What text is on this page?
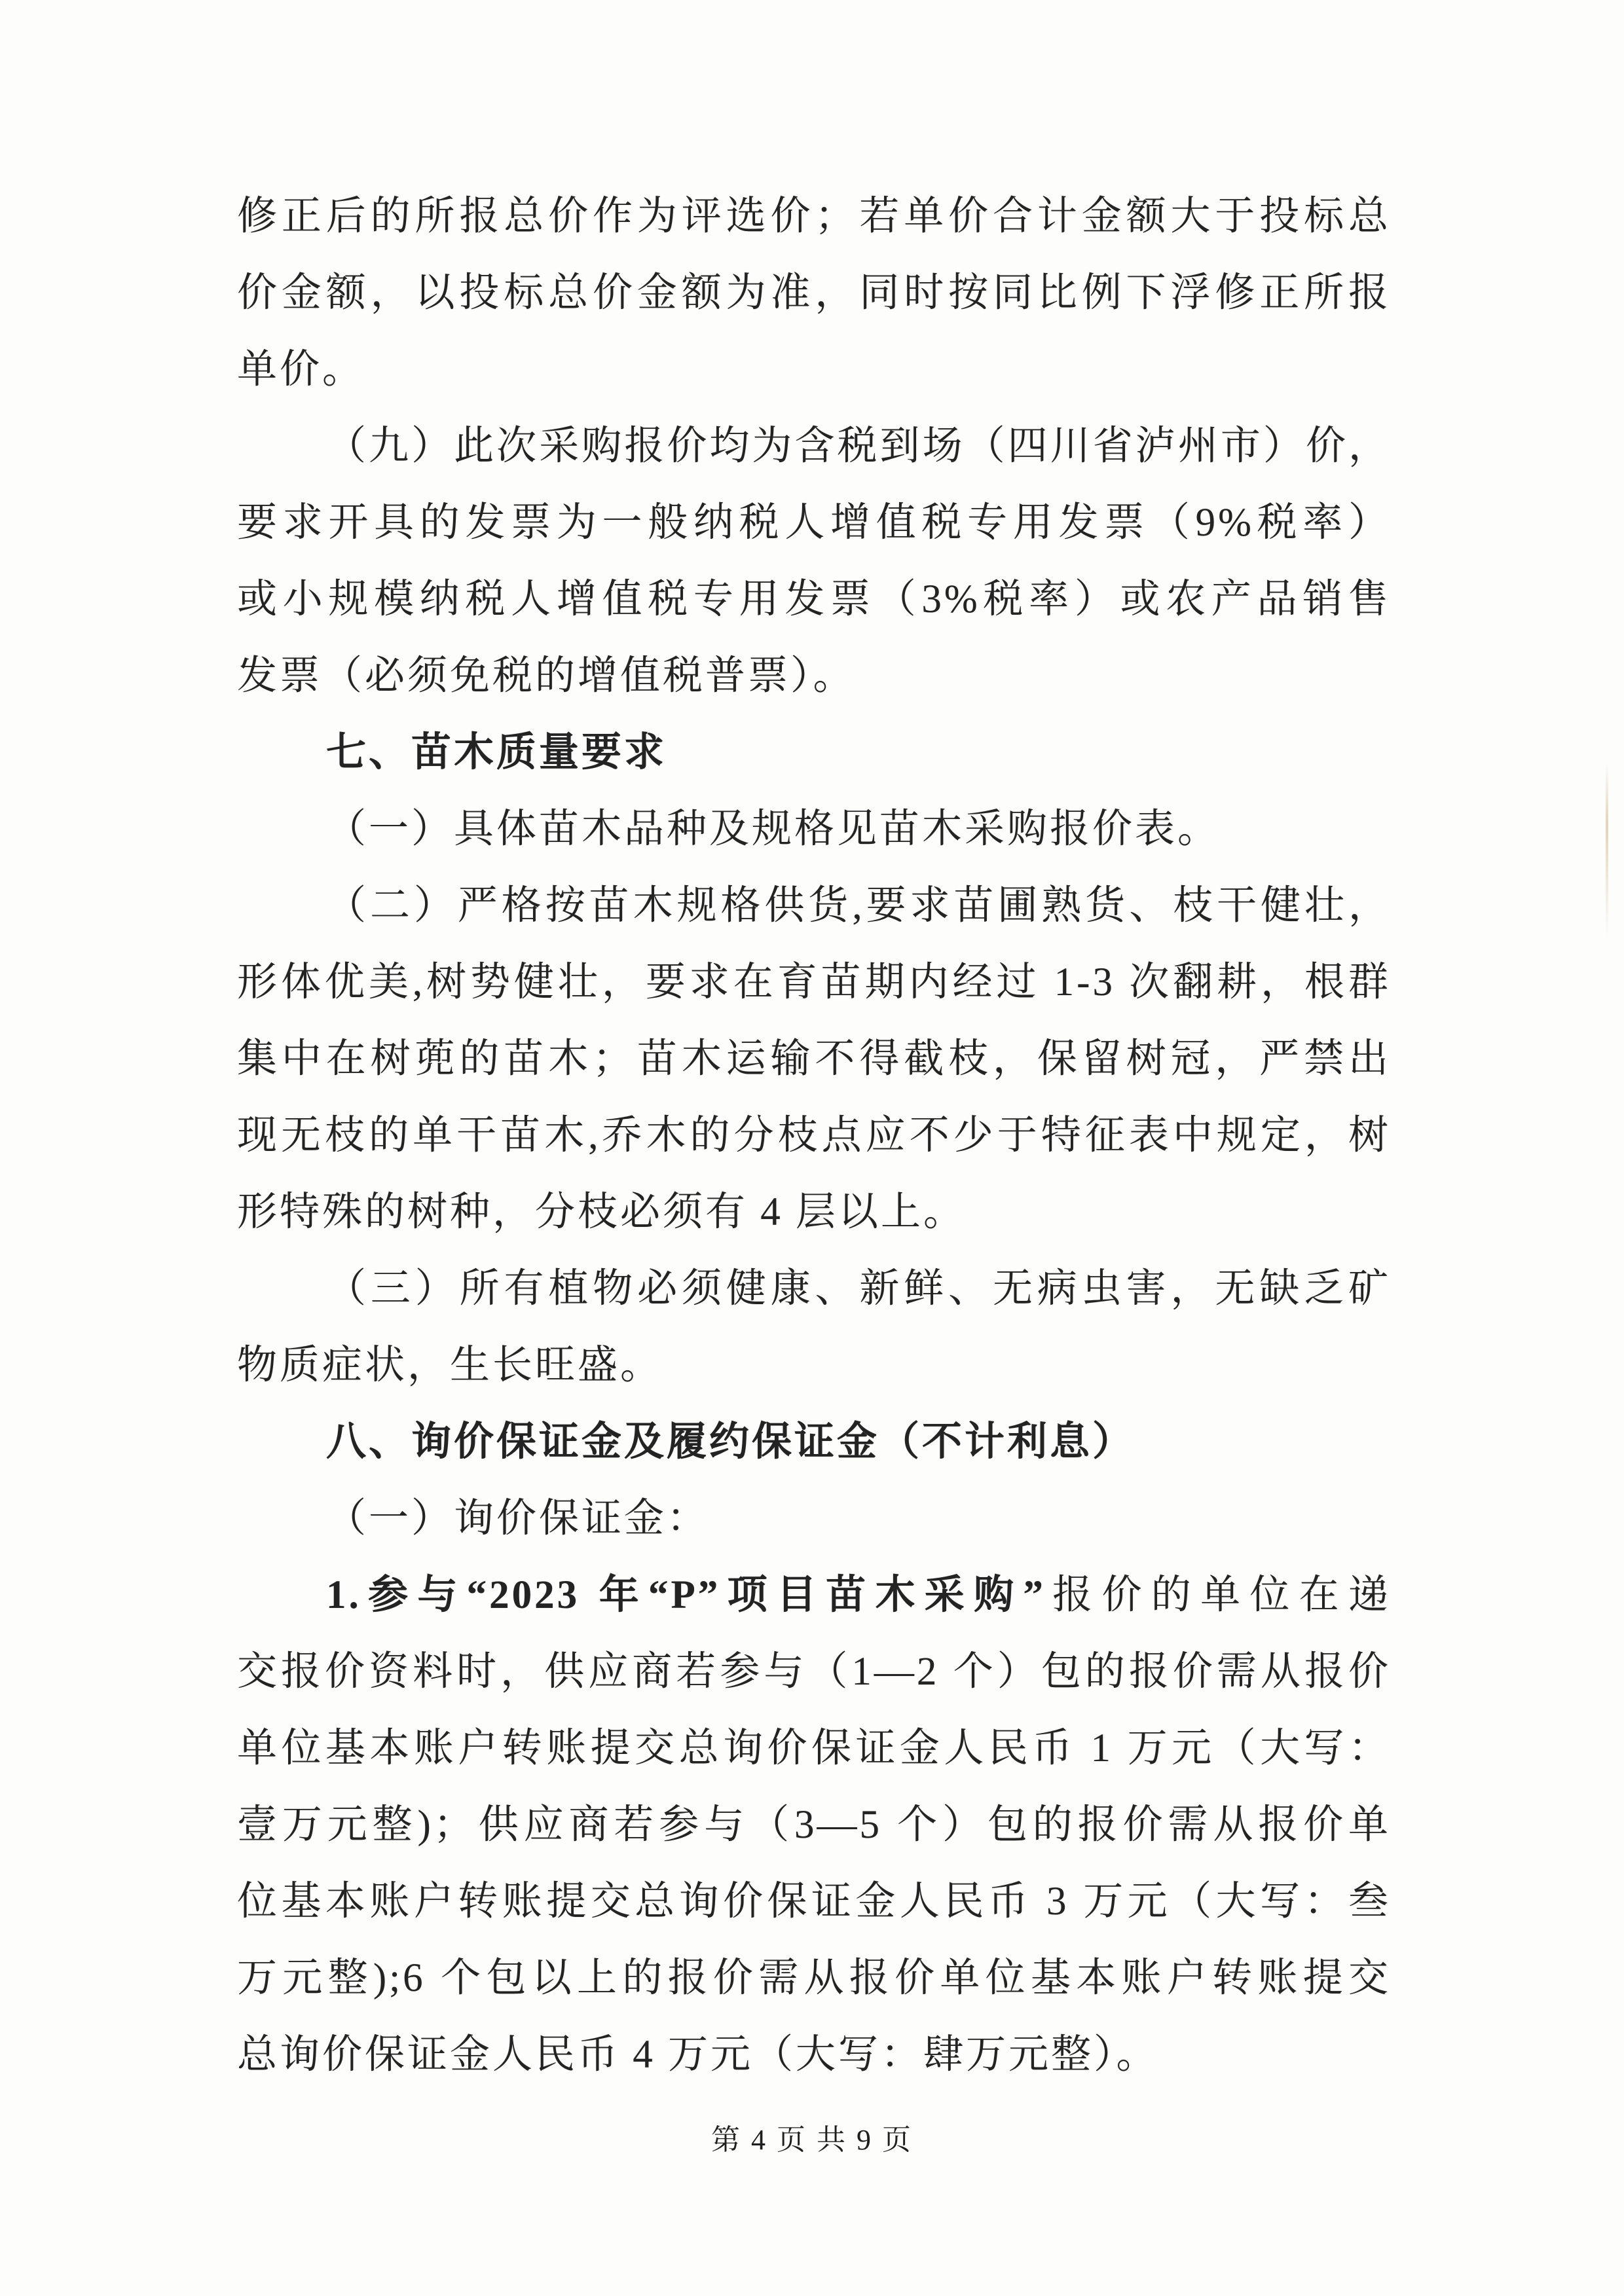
修正后的所报总价作为评选价；若单价合计金额大于投标总
价金额，以投标总价金额为准，同时按同比例下浮修正所报
单价。
（九）此次采购报价均为含税到场（四川省泸州市）价，
要求开具的发票为一般纳税人增值税专用发票（9%税率）
或小规模纳税人增值税专用发票（3%税率）或农产品销售
发票（必须免税的增值税普票）。
七、苗木质量要求
（一）具体苗木品种及规格见苗木采购报价表。
（二）严格按苗木规格供货,要求苗圃熟货、枝干健壮，
形体优美,树势健壮，要求在育苗期内经过 1-3 次翻耕，根群
集中在树蔸的苗木；苗木运输不得截枝，保留树冠，严禁出
现无枝的单干苗木,乔木的分枝点应不少于特征表中规定，树
形特殊的树种，分枝必须有 4 层以上。
（三）所有植物必须健康、新鲜、无病虫害，无缺乏矿
物质症状，生长旺盛。
八、询价保证金及履约保证金（不计利息）
（一）询价保证金：
1.参与“2023 年“P”项目苗木采购”报价的单位在递
交报价资料时，供应商若参与（1—2 个）包的报价需从报价
单位基本账户转账提交总询价保证金人民币 1 万元（大写：
壹万元整)；供应商若参与（3—5 个）包的报价需从报价单
位基本账户转账提交总询价保证金人民币 3 万元（大写：叁
万元整);6 个包以上的报价需从报价单位基本账户转账提交
总询价保证金人民币 4 万元（大写：肆万元整）。
第 4 页 共 9 页
